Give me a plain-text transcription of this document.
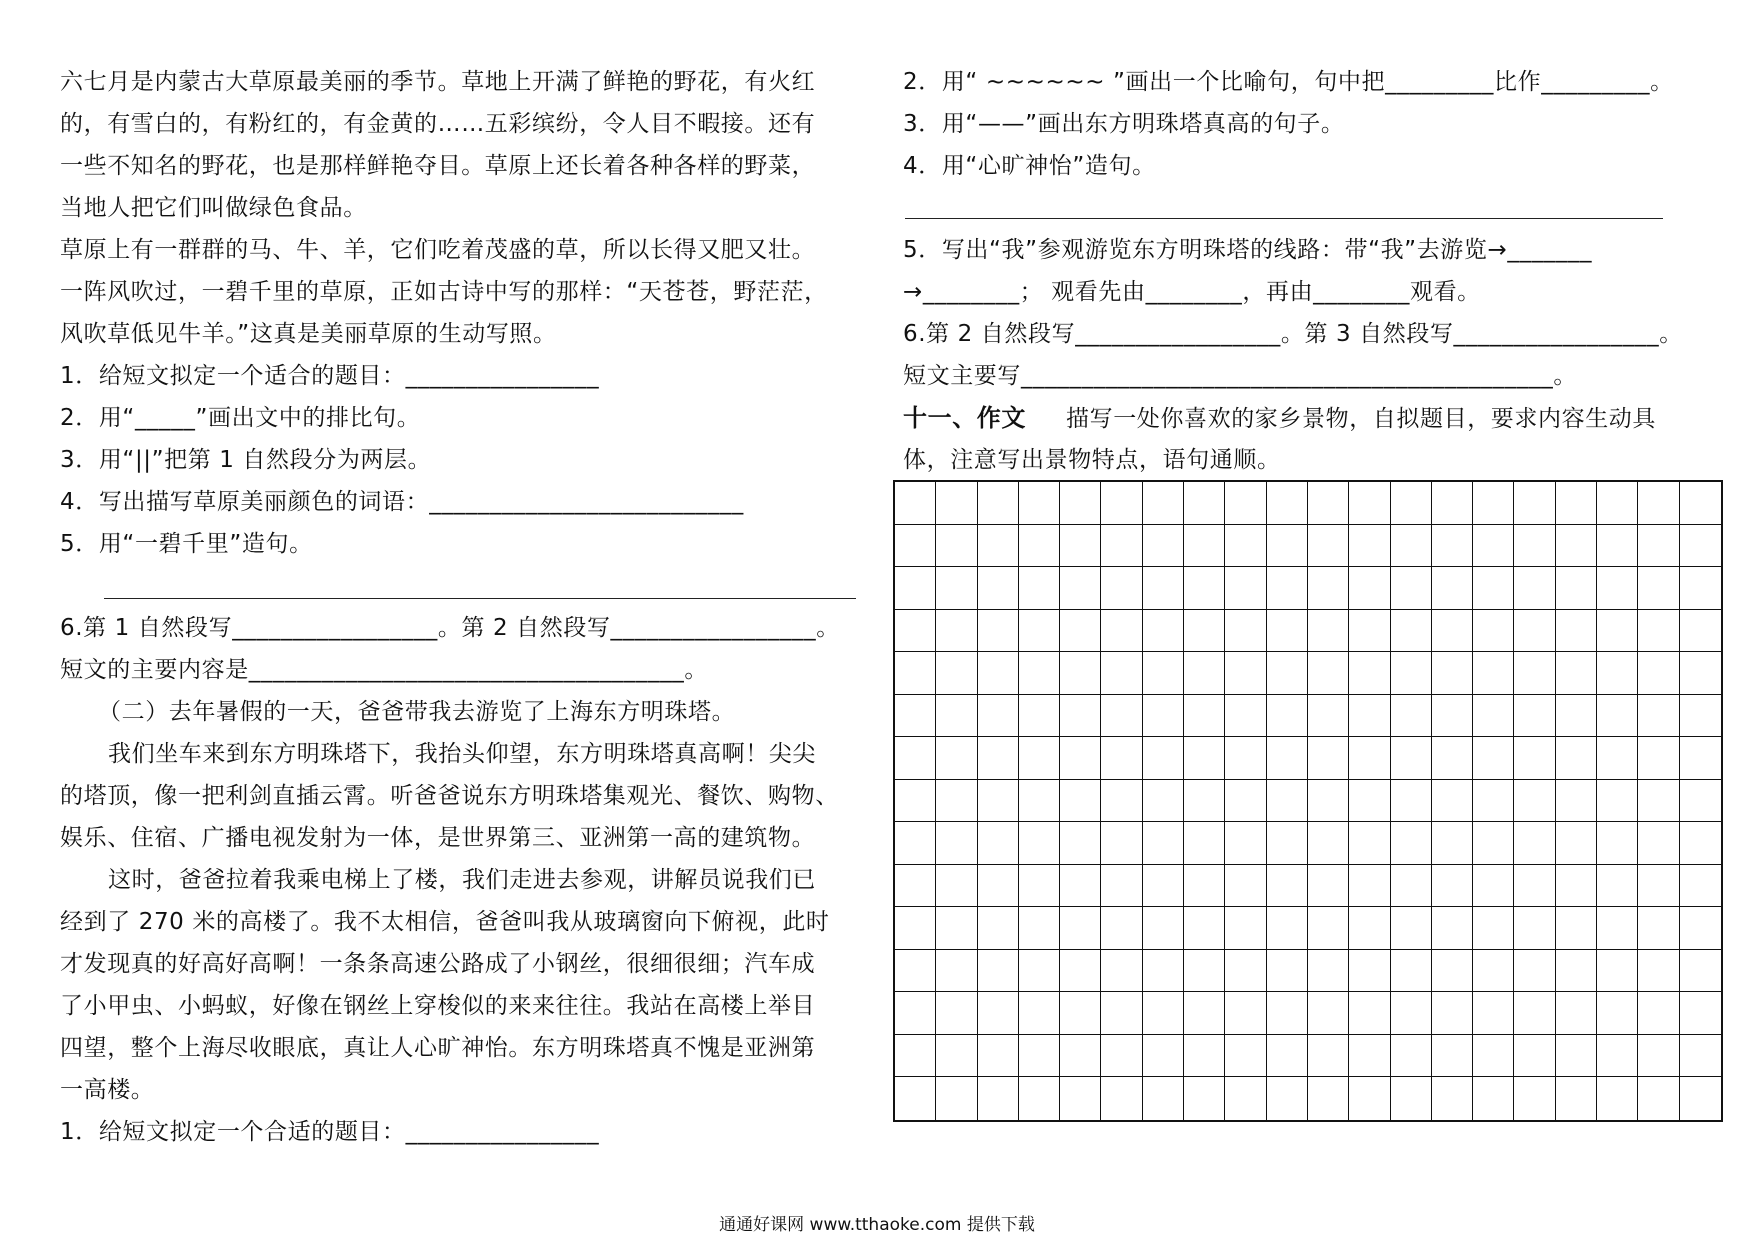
六七月是内蒙古大草原最美丽的季节。草地上开满了鲜艳的野花，有火红

的，有雪白的，有粉红的，有金黄的……五彩缤纷，令人目不暇接。还有

一些不知名的野花，也是那样鲜艳夺目。草原上还长着各种各样的野菜，

当地人把它们叫做绿色食品。

草原上有一群群的马、牛、羊，它们吃着茂盛的草，所以长得又肥又壮。

一阵风吹过，一碧千里的草原，正如古诗中写的那样：“天苍苍，野茫茫，

风吹草低见牛羊。”这真是美丽草原的生动写照。

1．给短文拟定一个适合的题目：________________

2．用“_____”画出文中的排比句。

3．用“||”把第 1 自然段分为两层。

4．写出描写草原美丽颜色的词语：__________________________

5．用“一碧千里”造句。

6.第 1 自然段写_________________。第 2 自然段写_________________。

短文的主要内容是____________________________________。

（二）去年暑假的一天，爸爸带我去游览了上海东方明珠塔。

我们坐车来到东方明珠塔下，我抬头仰望，东方明珠塔真高啊！尖尖

的塔顶，像一把利剑直插云霄。听爸爸说东方明珠塔集观光、餐饮、购物、

娱乐、住宿、广播电视发射为一体，是世界第三、亚洲第一高的建筑物。

这时，爸爸拉着我乘电梯上了楼，我们走进去参观，讲解员说我们已

经到了 270 米的高楼了。我不太相信，爸爸叫我从玻璃窗向下俯视，此时

才发现真的好高好高啊！一条条高速公路成了小钢丝，很细很细；汽车成

了小甲虫、小蚂蚁，好像在钢丝上穿梭似的来来往往。我站在高楼上举目

四望，整个上海尽收眼底，真让人心旷神怡。东方明珠塔真不愧是亚洲第

一高楼。

1．给短文拟定一个合适的题目：________________

2．用“ ~~~~~~ ”画出一个比喻句，句中把_________比作_________。

3．用“——”画出东方明珠塔真高的句子。

4．用“心旷神怡”造句。

5．写出“我”参观游览东方明珠塔的线路：带“我”去游览→_______

→________； 观看先由________，再由________观看。

6.第 2 自然段写_________________。第 3 自然段写_________________。

短文主要写____________________________________________。

十一、作文 描写一处你喜欢的家乡景物，自拟题目，要求内容生动具

体，注意写出景物特点，语句通顺。

通通好课网 www.tthaoke.com 提供下载
